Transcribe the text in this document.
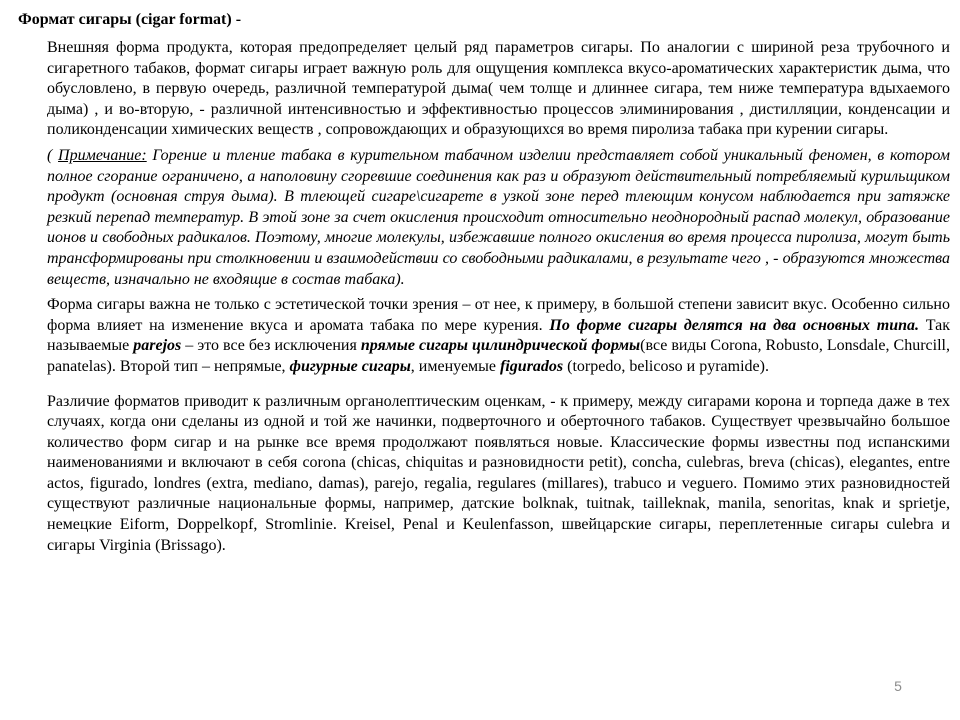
Формат сигары (cigar format) -

Внешняя форма продукта, которая предопределяет целый ряд параметров сигары. По аналогии с шириной реза трубочного и сигаретного табаков, формат сигары играет важную роль для ощущения комплекса вкусо-ароматических характеристик дыма, что обусловлено, в первую очередь, различной температурой дыма( чем толще и длиннее сигара, тем ниже температура вдыхаемого дыма) , и во-вторую, - различной интенсивностью и эффективностью процессов элиминирования , дистилляции, конденсации и поликонденсации химических веществ , сопровождающих и образующихся во время пиролиза табака при курении сигары.

( Примечание: Горение и тление табака в курительном табачном изделии представляет собой уникальный феномен, в котором полное сгорание ограничено, а наполовину сгоревшие соединения как раз и образуют действительный потребляемый курильщиком продукт (основная струя дыма). В тлеющей сигаре\сигарете в узкой зоне перед тлеющим конусом наблюдается при затяжке резкий перепад температур. В этой зоне за счет окисления происходит относительно неоднородный распад молекул, образование ионов и свободных радикалов. Поэтому, многие молекулы, избежавшие полного окисления во время процесса пиролиза, могут быть трансформированы при столкновении и взаимодействии со свободными радикалами, в результате чего , - образуются множества веществ, изначально не входящие в состав табака).

Форма сигары важна не только с эстетической точки зрения – от нее, к примеру, в большой степени зависит вкус. Особенно сильно форма влияет на изменение вкуса и аромата табака по мере курения. По форме сигары делятся на два основных типа. Так называемые parejos – это все без исключения прямые сигары цилиндрической формы(все виды Corona, Robusto, Lonsdale, Churcill, panatelas). Второй тип – непрямые, фигурные сигары, именуемые figurados (torpedo, belicoso и pyramide).

Различие форматов приводит к различным органолептическим оценкам, - к примеру, между сигарами корона и торпеда даже в тех случаях, когда они сделаны из одной и той же начинки, подверточного и оберточного табаков. Существует чрезвычайно большое количество форм сигар и на рынке все время продолжают появляться новые. Классические формы известны под испанскими наименованиями и включают в себя corona (chicas, chiquitas и разновидности petit), concha, culebras, breva (chicas), elegantes, entre actos, figurado, londres (extra, mediano, damas), parejo, regalia, regulares (millares), trabuco и veguero. Помимо этих разновидностей существуют различные национальные формы, например, датские bolknak, tuitnak, tailleknak, manila, senoritas, knak и sprietje, немецкие Eiform, Doppelkopf, Stromlinie. Kreisel, Penal и Keulenfasson, швейцарские сигары, переплетенные сигары culebra и сигары Virginia (Brissago).

5
